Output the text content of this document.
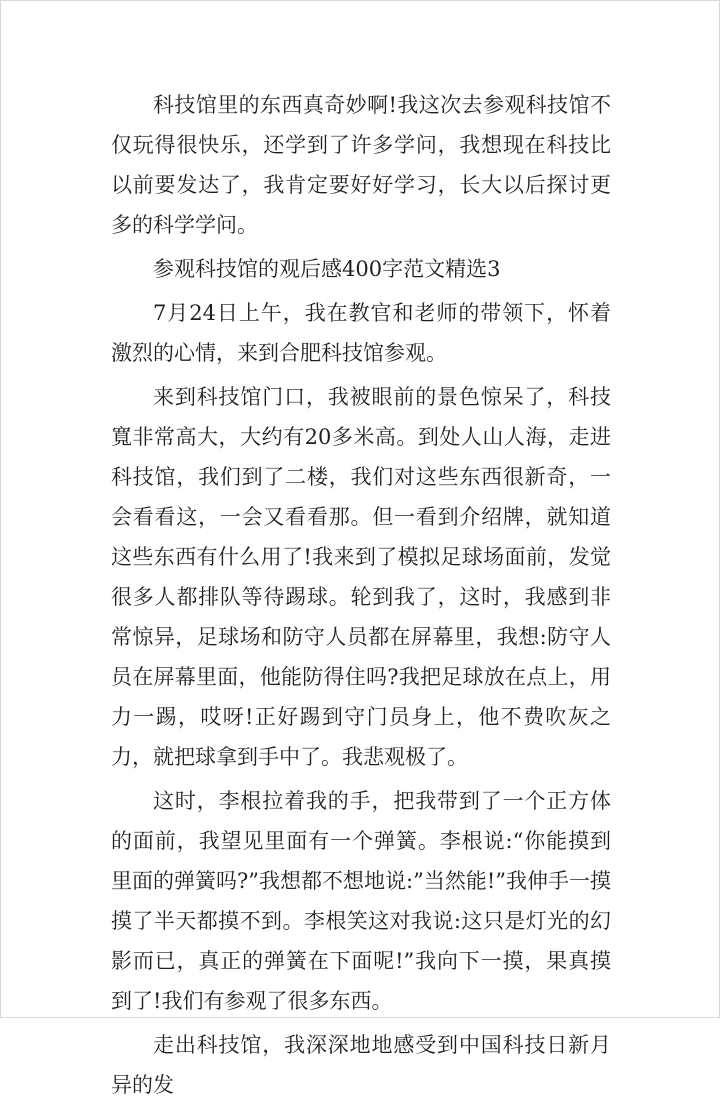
科技馆里的东西真奇妙啊!我这次去参观科技馆不仅玩得很快乐，还学到了许多学问，我想现在科技比以前要发达了，我肯定要好好学习，长大以后探讨更多的科学学问。

参观科技馆的观后感400字范文精选3

7月24日上午，我在教官和老师的带领下，怀着激烈的心情，来到合肥科技馆参观。

来到科技馆门口，我被眼前的景色惊呆了，科技寬非常高大，大约有20多米高。到处人山人海，走进科技馆，我们到了二楼，我们对这些东西很新奇，一会看看这，一会又看看那。但一看到介绍牌，就知道这些东西有什么用了!我来到了模拟足球场面前，发觉很多人都排队等待踢球。轮到我了，这时，我感到非常惊异，足球场和防守人员都在屏幕里，我想:防守人员在屏幕里面，他能防得住吗?我把足球放在点上，用力一踢，哎呀!正好踢到守门员身上，他不费吹灰之力，就把球拿到手中了。我悲观极了。

这时，李根拉着我的手，把我带到了一个正方体的面前，我望见里面有一个弹簧。李根说:“你能摸到里面的弹簧吗?”我想都不想地说:”当然能!”我伸手一摸摸了半天都摸不到。李根笑这对我说:这只是灯光的幻影而已，真正的弹簧在下面呢!”我向下一摸，果真摸到了!我们有参观了很多东西。

走出科技馆，我深深地地感受到中国科技日新月异的发
